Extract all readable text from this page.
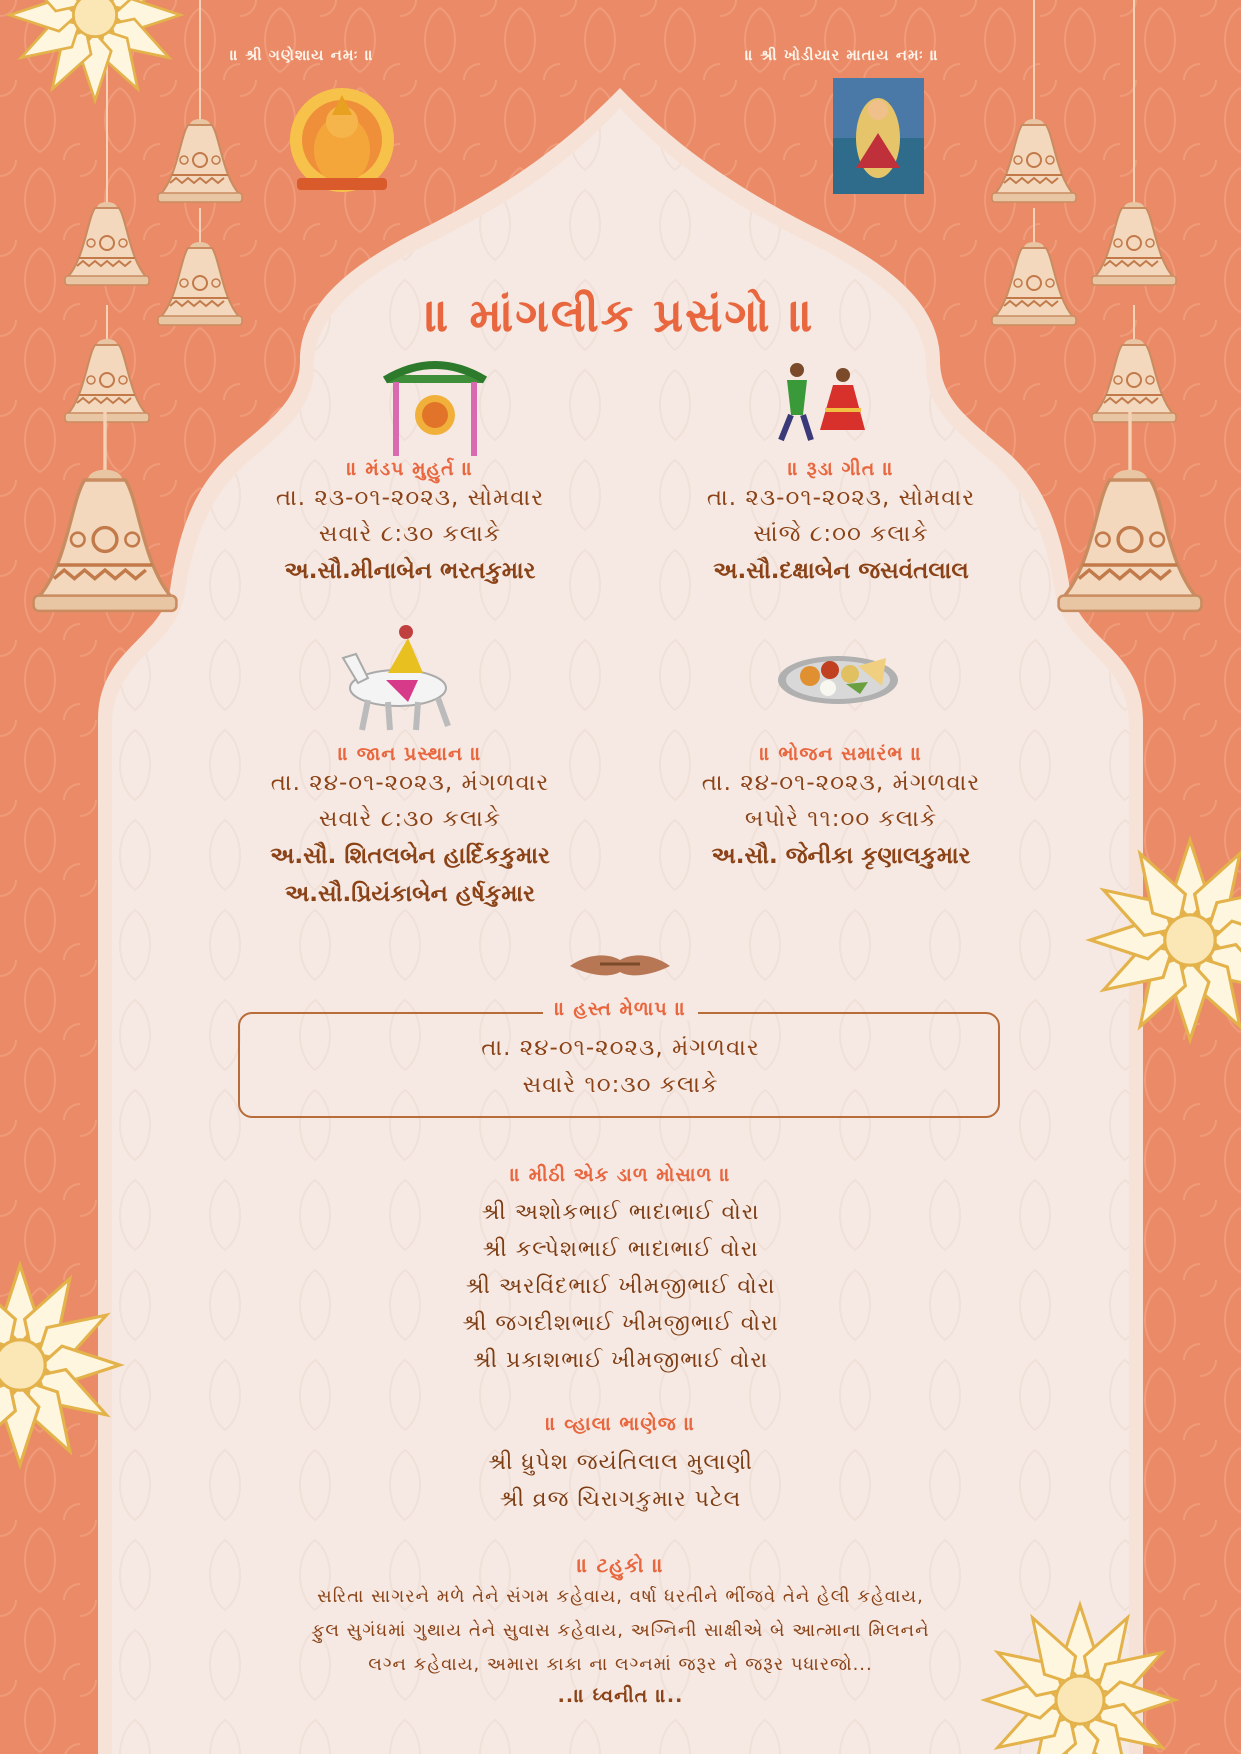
॥ શ્રી ગણેશાય નમઃ ॥	॥ શ્રી ખોડીયાર માતાય નમઃ ॥
॥ માંગલીક પ્રસંગો ॥
॥ મંડપ મુહુર્ત ॥
તા. ૨૩-૦૧-૨૦૨૩, સોમવાર
સવારે ૮:૩૦ કલાકે
અ.સૌ.મીનાબેન ભરતકુમાર
॥ રૂડા ગીત ॥
તા. ૨૩-૦૧-૨૦૨૩, સોમવાર
સાંજે ૮:૦૦ કલાકે
અ.સૌ.દક્ષાબેન જસવંતલાલ
॥ જાન પ્રસ્થાન ॥
તા. ૨૪-૦૧-૨૦૨૩, મંગળવાર
સવારે ૮:૩૦ કલાકે
અ.સૌ. શિતલબેન હાર્દિકકુમાર
અ.સૌ.પ્રિયંકાબેન હર્ષકુમાર
॥ ભોજન સમારંભ ॥
તા. ૨૪-૦૧-૨૦૨૩, મંગળવાર
બપોરે ૧૧:૦૦ કલાકે
અ.સૌ. જેનીકા કૃણાલકુમાર
॥ હસ્ત મેળાપ ॥
તા. ૨૪-૦૧-૨૦૨૩, મંગળવાર
સવારે ૧૦:૩૦ કલાકે
॥ મીઠી એક ડાળ મોસાળ ॥
શ્રી અશોકભાઈ ભાદાભાઈ વોરા
શ્રી કલ્પેશભાઈ ભાદાભાઈ વોરા
શ્રી અરવિંદભાઈ ખીમજીભાઈ વોરા
શ્રી જગદીશભાઈ ખીમજીભાઈ વોરા
શ્રી પ્રકાશભાઈ ખીમજીભાઈ વોરા
॥ વ્હાલા ભાણેજ ॥
શ્રી ધ્રુપેશ જયંતિલાલ મુલાણી
શ્રી વ્રજ ચિરાગકુમાર પટેલ
॥ ટહુકો ॥
સરિતા સાગરને મળે તેને સંગમ કહેવાય, વર્ષા ધરતીને ભીંજવે તેને હેલી કહેવાય,
ફુલ સુગંધમાં ગુથાય તેને સુવાસ કહેવાય, અગ્નિની સાક્ષીએ બે આત્માના મિલનને
લગ્ન કહેવાય, અમારા કાકા ના લગ્નમાં જરૂર ને જરૂર પધારજો...
..॥ ધ્વનીત ॥..
